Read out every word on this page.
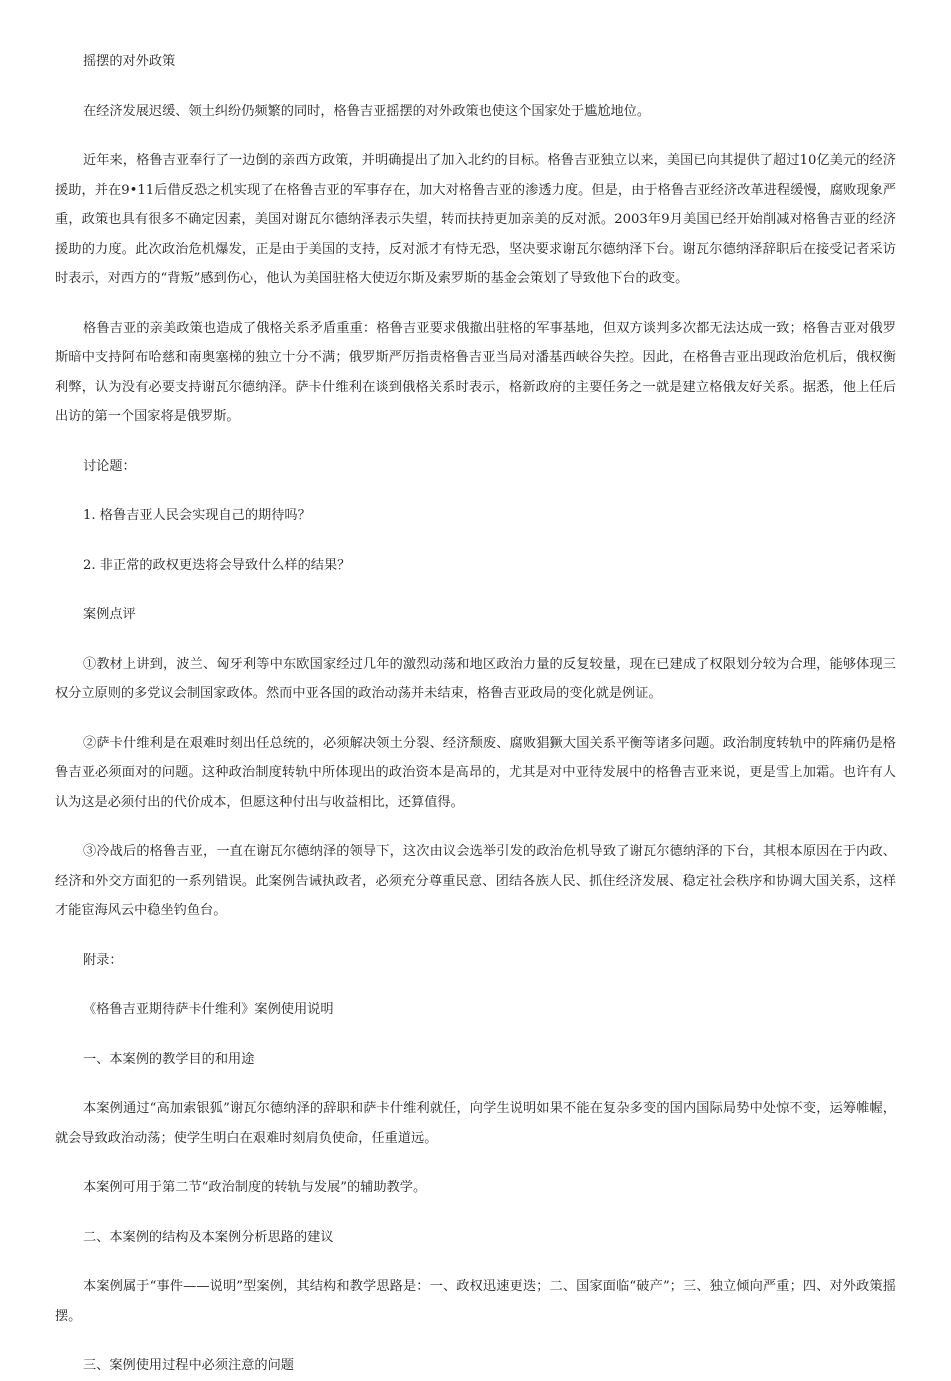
摇摆的对外政策

在经济发展迟缓、领土纠纷仍频繁的同时，格鲁吉亚摇摆的对外政策也使这个国家处于尴尬地位。

近年来，格鲁吉亚奉行了一边倒的亲西方政策，并明确提出了加入北约的目标。格鲁吉亚独立以来，美国已向其提供了超过10亿美元的经济援助，并在9•11后借反恐之机实现了在格鲁吉亚的军事存在，加大对格鲁吉亚的渗透力度。但是，由于格鲁吉亚经济改革进程缓慢，腐败现象严重，政策也具有很多不确定因素，美国对谢瓦尔德纳泽表示失望，转而扶持更加亲美的反对派。2003年9月美国已经开始削减对格鲁吉亚的经济援助的力度。此次政治危机爆发，正是由于美国的支持，反对派才有恃无恐，坚决要求谢瓦尔德纳泽下台。谢瓦尔德纳泽辞职后在接受记者采访时表示，对西方的“背叛”感到伤心，他认为美国驻格大使迈尔斯及索罗斯的基金会策划了导致他下台的政变。

格鲁吉亚的亲美政策也造成了俄格关系矛盾重重：格鲁吉亚要求俄撤出驻格的军事基地，但双方谈判多次都无法达成一致；格鲁吉亚对俄罗斯暗中支持阿布哈慈和南奥塞梯的独立十分不满；俄罗斯严厉指责格鲁吉亚当局对潘基西峡谷失控。因此，在格鲁吉亚出现政治危机后，俄权衡利弊，认为没有必要支持谢瓦尔德纳泽。萨卡什维利在谈到俄格关系时表示，格新政府的主要任务之一就是建立格俄友好关系。据悉，他上任后出访的第一个国家将是俄罗斯。

讨论题：

1. 格鲁吉亚人民会实现自己的期待吗？

2. 非正常的政权更迭将会导致什么样的结果？

案例点评

①教材上讲到，波兰、匈牙利等中东欧国家经过几年的激烈动荡和地区政治力量的反复较量，现在已建成了权限划分较为合理，能够体现三权分立原则的多党议会制国家政体。然而中亚各国的政治动荡并未结束，格鲁吉亚政局的变化就是例证。

②萨卡什维利是在艰难时刻出任总统的，必须解决领土分裂、经济颓废、腐败猖獗大国关系平衡等诸多问题。政治制度转轨中的阵痛仍是格鲁吉亚必须面对的问题。这种政治制度转轨中所体现出的政治资本是高昂的，尤其是对中亚待发展中的格鲁吉亚来说，更是雪上加霜。也许有人认为这是必须付出的代价成本，但愿这种付出与收益相比，还算值得。

③冷战后的格鲁吉亚，一直在谢瓦尔德纳泽的领导下，这次由议会选举引发的政治危机导致了谢瓦尔德纳泽的下台，其根本原因在于内政、经济和外交方面犯的一系列错误。此案例告诫执政者，必须充分尊重民意、团结各族人民、抓住经济发展、稳定社会秩序和协调大国关系，这样才能宦海风云中稳坐钓鱼台。

附录：

《格鲁吉亚期待萨卡什维利》案例使用说明

一、本案例的教学目的和用途

本案例通过“高加索银狐”谢瓦尔德纳泽的辞职和萨卡什维利就任，向学生说明如果不能在复杂多变的国内国际局势中处惊不变，运筹帷幄，就会导致政治动荡；使学生明白在艰难时刻肩负使命，任重道远。

本案例可用于第二节“政治制度的转轨与发展”的辅助教学。

二、本案例的结构及本案例分析思路的建议

本案例属于“事件——说明”型案例，其结构和教学思路是：一、政权迅速更迭；二、国家面临“破产”；三、独立倾向严重；四、对外政策摇摆。

三、案例使用过程中必须注意的问题
